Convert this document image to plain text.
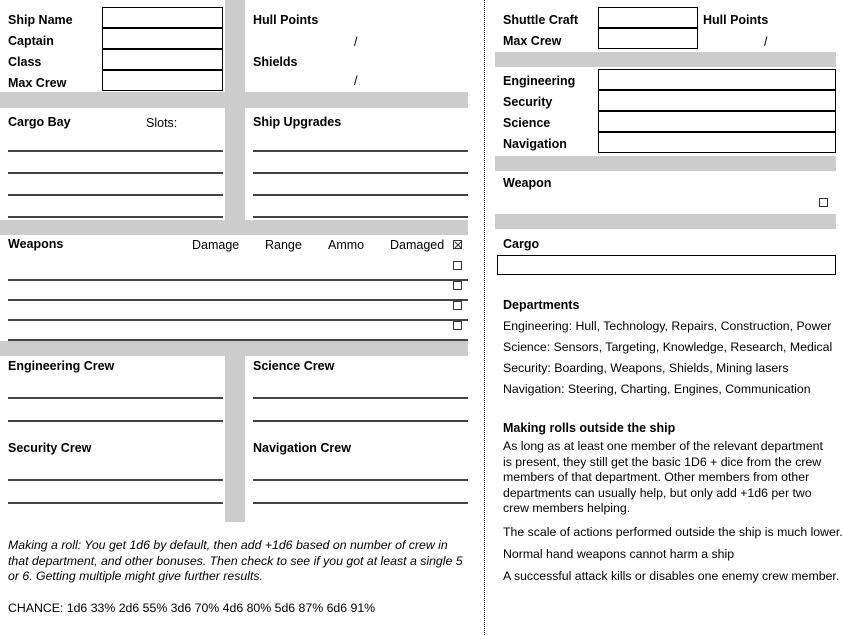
Ship Name
Captain
Class
Max Crew
Hull Points
/
Shields
/
Cargo Bay	Slots:	Ship Upgrades
Weapons	Damage Range Ammo Damaged
Engineering Crew	Science Crew
Security Crew	Navigation Crew
Making a roll: You get 1d6 by default, then add +1d6 based on number of crew in that department, and other bonuses. Then check to see if you got at least a single 5 or 6. Getting multiple might give further results.
CHANCE: 1d6 33% 2d6 55% 3d6 70% 4d6 80% 5d6 87% 6d6 91%
Shuttle Craft
Max Crew
Hull Points
/
Engineering
Security
Science
Navigation
Weapon
Cargo
Departments
Engineering: Hull, Technology, Repairs, Construction, Power
Science: Sensors, Targeting, Knowledge, Research, Medical
Security: Boarding, Weapons, Shields, Mining lasers
Navigation: Steering, Charting, Engines, Communication
Making rolls outside the ship
As long as at least one member of the relevant department is present, they still get the basic 1D6 + dice from the crew members of that department. Other members from other departments can usually help, but only add +1d6 per two crew members helping.
The scale of actions performed outside the ship is much lower.
Normal hand weapons cannot harm a ship
A successful attack kills or disables one enemy crew member.
